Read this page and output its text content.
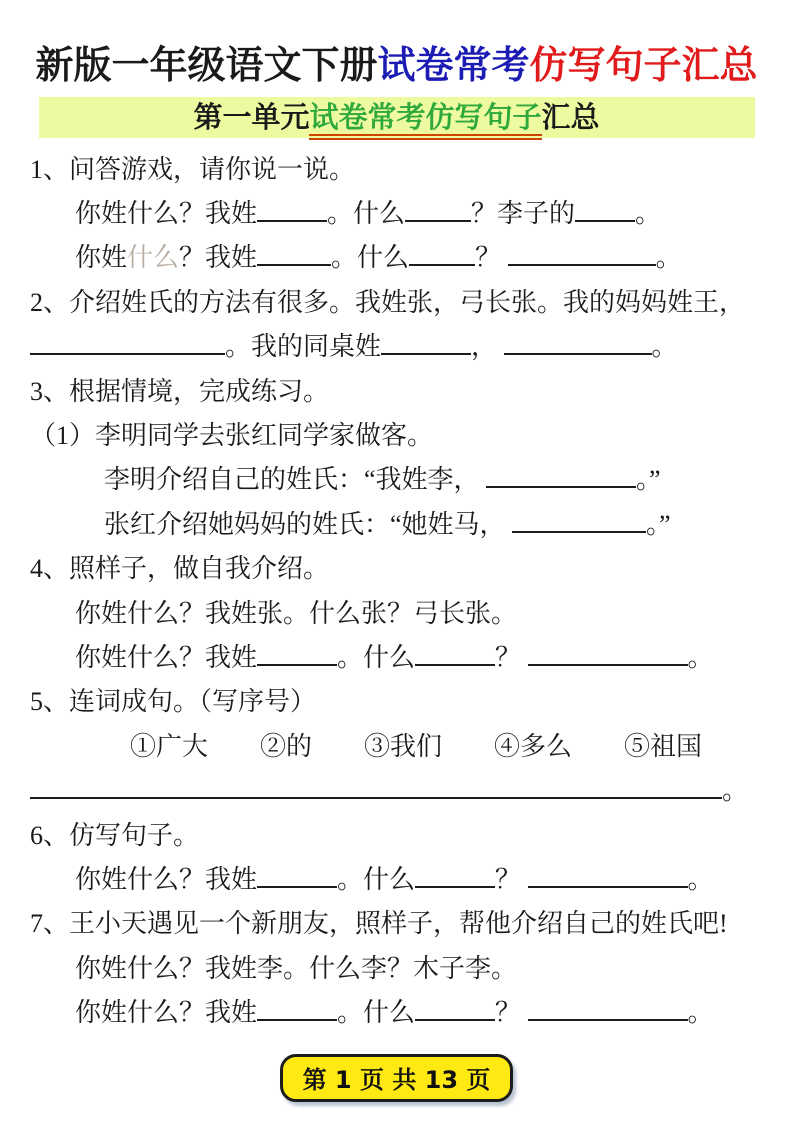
新版一年级语文下册试卷常考仿写句子汇总
第一单元试卷常考仿写句子汇总
1、问答游戏，请你说一说。
你姓什么？我姓	。什么	？李子的 。
你姓什么？我姓	。什么	？	。
2、介绍姓氏的方法有很多。我姓张，弓长张。我的妈妈姓王，
。我的同桌姓	，	。
3、根据情境，完成练习。
（1）李明同学去张红同学家做客。
李明介绍自己的姓氏：“我姓李，	。”
张红介绍她妈妈的姓氏：“她姓马，	。”
4、照样子，做自我介绍。
你姓什么？我姓张。什么张？弓长张。
你姓什么？我姓	。什么	？	。
5、连词成句。（写序号）
①广大　　②的　　③我们　　④多么　　⑤祖国
。
6、仿写句子。
你姓什么？我姓	。什么	？	。
7、王小天遇见一个新朋友，照样子，帮他介绍自己的姓氏吧!
你姓什么？我姓李。什么李？木子李。
你姓什么？我姓	。什么	？	。
第 1 页 共 13 页
